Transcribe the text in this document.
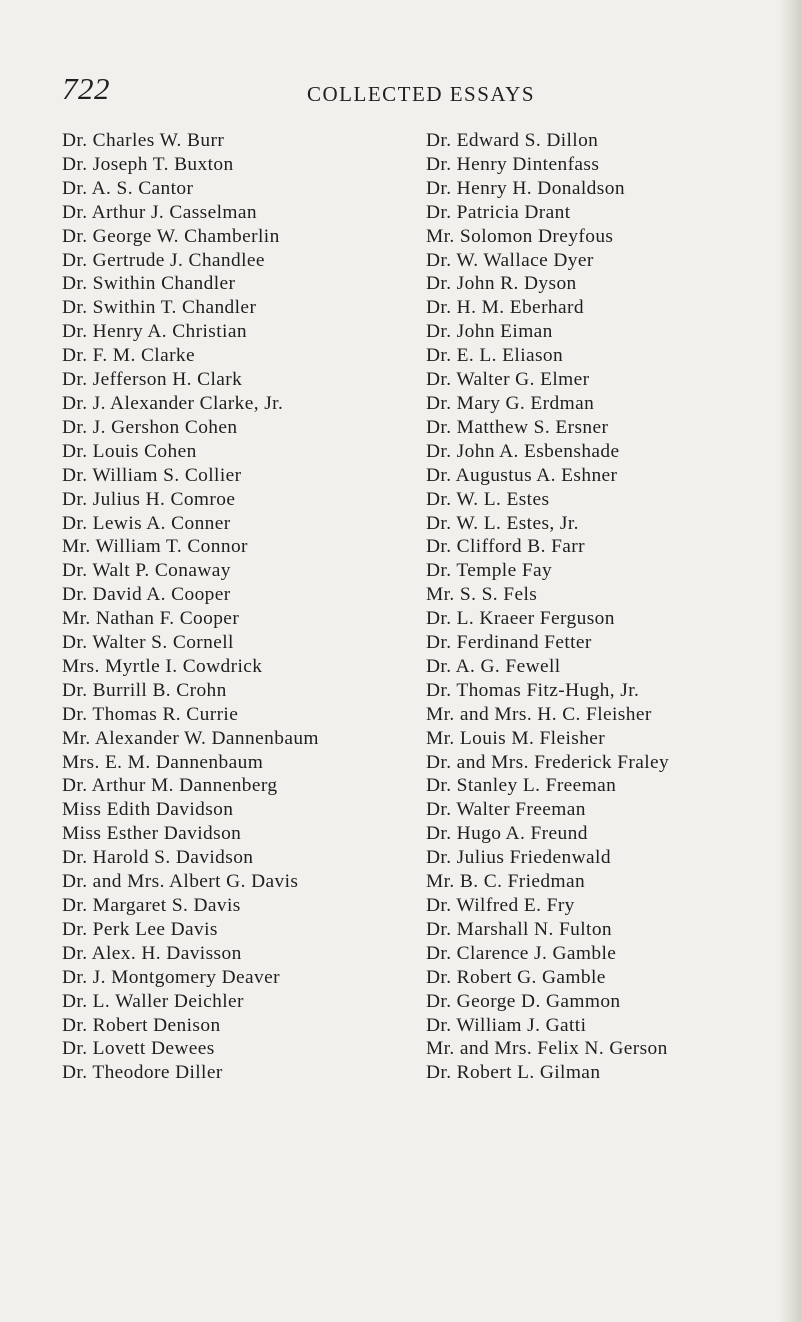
722	COLLECTED ESSAYS
Dr. Charles W. Burr
Dr. Joseph T. Buxton
Dr. A. S. Cantor
Dr. Arthur J. Casselman
Dr. George W. Chamberlin
Dr. Gertrude J. Chandlee
Dr. Swithin Chandler
Dr. Swithin T. Chandler
Dr. Henry A. Christian
Dr. F. M. Clarke
Dr. Jefferson H. Clark
Dr. J. Alexander Clarke, Jr.
Dr. J. Gershon Cohen
Dr. Louis Cohen
Dr. William S. Collier
Dr. Julius H. Comroe
Dr. Lewis A. Conner
Mr. William T. Connor
Dr. Walt P. Conaway
Dr. David A. Cooper
Mr. Nathan F. Cooper
Dr. Walter S. Cornell
Mrs. Myrtle I. Cowdrick
Dr. Burrill B. Crohn
Dr. Thomas R. Currie
Mr. Alexander W. Dannenbaum
Mrs. E. M. Dannenbaum
Dr. Arthur M. Dannenberg
Miss Edith Davidson
Miss Esther Davidson
Dr. Harold S. Davidson
Dr. and Mrs. Albert G. Davis
Dr. Margaret S. Davis
Dr. Perk Lee Davis
Dr. Alex. H. Davisson
Dr. J. Montgomery Deaver
Dr. L. Waller Deichler
Dr. Robert Denison
Dr. Lovett Dewees
Dr. Theodore Diller
Dr. Edward S. Dillon
Dr. Henry Dintenfass
Dr. Henry H. Donaldson
Dr. Patricia Drant
Mr. Solomon Dreyfous
Dr. W. Wallace Dyer
Dr. John R. Dyson
Dr. H. M. Eberhard
Dr. John Eiman
Dr. E. L. Eliason
Dr. Walter G. Elmer
Dr. Mary G. Erdman
Dr. Matthew S. Ersner
Dr. John A. Esbenshade
Dr. Augustus A. Eshner
Dr. W. L. Estes
Dr. W. L. Estes, Jr.
Dr. Clifford B. Farr
Dr. Temple Fay
Mr. S. S. Fels
Dr. L. Kraeer Ferguson
Dr. Ferdinand Fetter
Dr. A. G. Fewell
Dr. Thomas Fitz-Hugh, Jr.
Mr. and Mrs. H. C. Fleisher
Mr. Louis M. Fleisher
Dr. and Mrs. Frederick Fraley
Dr. Stanley L. Freeman
Dr. Walter Freeman
Dr. Hugo A. Freund
Dr. Julius Friedenwald
Mr. B. C. Friedman
Dr. Wilfred E. Fry
Dr. Marshall N. Fulton
Dr. Clarence J. Gamble
Dr. Robert G. Gamble
Dr. George D. Gammon
Dr. William J. Gatti
Mr. and Mrs. Felix N. Gerson
Dr. Robert L. Gilman
